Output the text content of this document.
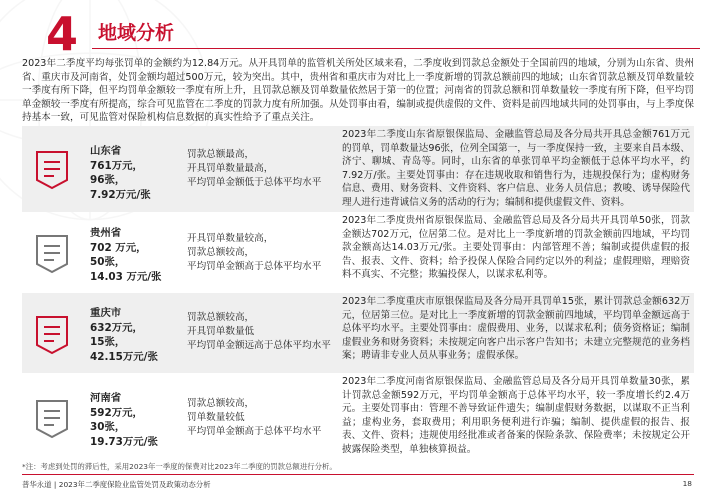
4 地域分析
2023年二季度平均每张罚单的金额约为12.84万元。从开具罚单的监管机关所处区域来看，二季度收到罚款总金额处于全国前四的地域，分别为山东省、贵州省、重庆市及河南省，处罚金额均超过500万元，较为突出。其中，贵州省和重庆市为对比上一季度新增的罚款总额前四的地域；山东省罚款总额及罚单数量较一季度有所下降，但平均罚单金额较一季度有所上升，且罚款总额及罚单数量依然居于第一的位置；河南省的罚款总额和罚单数量较一季度有所下降，但平均罚单金额较一季度有所提高，综合可见监管在二季度的罚款力度有所加强。从处罚事由看，编制或提供虚假的文件、资料是前四地域共同的处罚事由，与上季度保持基本一致，可见监管对保险机构信息数据的真实性给予了重点关注。
山东省
761万元，
96张，
7.92万元/张
罚款总额最高，
开具罚单数量最高，
平均罚单金额低于总体平均水平
2023年二季度山东省原银保监局、金融监管总局及各分局共开具总金额761万元的罚单，罚单数量达96张，位列全国第一，与一季度保持一致，主要来自昌本级、济宁、聊城、青岛等。同时，山东省的单张罚单平均金额低于总体平均水平，约7.92万/张。主要处罚事由：存在违规收取和销售行为，违规投保行为；虚构财务信息、费用、财务资料、文件资料、客户信息、业务人员信息；教唆、诱导保险代理人进行违背诚信义务的活动的行为；编制和提供虚假文件、资料。
贵州省
702 万元，
50张，
14.03 万元/张
开具罚单数量较高，
罚款总额较高，
平均罚单金额高于总体平均水平
2023年二季度贵州省原银保监局、金融监管总局及各分局共开具罚单50张，罚款金额达702万元，位居第二位。是对比上一季度新增的罚款金额前四地域，平均罚款金额高达14.03万元/张。主要处罚事由：内部管理不善；编制或提供虚假的报告、报表、文件、资料；给予投保人保险合同约定以外的利益；虚假理赔，理赔资料不真实、不完整；欺骗投保人，以谋求私利等。
重庆市
632万元，
15张，
42.15万元/张
罚款总额较高，
开具罚单数量低
平均罚单金额远高于总体平均水平
2023年二季度重庆市原银保监局及各分局开具罚单15张，累计罚款总金额632万元，位居第三位。是对比上一季度新增的罚款金额前四地域，平均罚单金额远高于总体平均水平。主要处罚事由：虚假费用、业务，以谋求私利；债务资格证；编制虚假业务和财务资料；未按规定向客户出示客户告知书；未建立完整规范的业务档案；聘请非专业人员从事业务；虚假承保。
河南省
592万元，
30张，
19.73万元/张
罚款总额较高，
罚单数量较低
平均罚单金额高于总体平均水平
2023年二季度河南省原银保监局、金融监管总局及各分局开具罚单数量30张，累计罚款总金额592万元，平均罚单金额高于总体平均水平，较一季度增长约2.4万元。主要处罚事由：管理不善导致证件遗失；编制虚假财务数据，以谋取不正当利益；虚构业务，套取费用；利用职务便利进行诈骗；编制、提供虚假的报告、报表、文件、资料；违规使用经批准或者备案的保险条款、保险费率；未按规定公开披露保险类型，单独核算损益。
*注：考虑到处罚的滞后性，采用2023年一季度的保费对比2023年二季度的罚款总额进行分析。
普华永道 | 2023年二季度保险业监管处罚及政策动态分析	18
